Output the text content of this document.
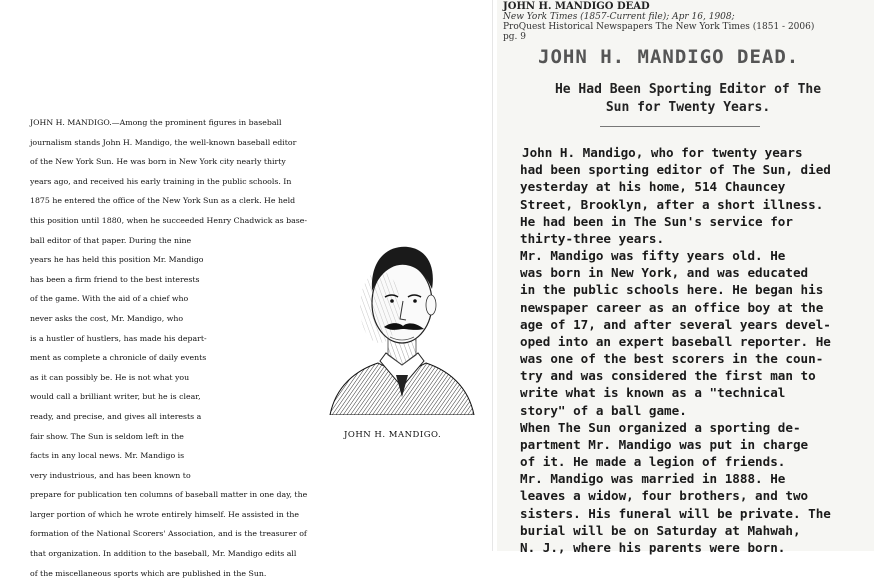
JOHN H. MANDIGO.—Among the prominent figures in baseball
journalism stands John H. Mandigo, the well-known baseball editor
of the New York Sun. He was born in New York city nearly thirty
years ago, and received his early training in the public schools. In
1875 he entered the office of the New York Sun as a clerk. He held
this position until 1880, when he succeeded Henry Chadwick as base-
ball editor of that paper. During the nine
years he has held this position Mr. Mandigo
has been a firm friend to the best interests
of the game. With the aid of a chief who
never asks the cost, Mr. Mandigo, who
is a hustler of hustlers, has made his depart-
ment as complete a chronicle of daily events
as it can possibly be. He is not what you
would call a brilliant writer, but he is clear,
ready, and precise, and gives all interests a
fair show. The Sun is seldom left in the
facts in any local news. Mr. Mandigo is
very industrious, and has been known to
prepare for publication ten columns of baseball matter in one day, the
larger portion of which he wrote entirely himself. He assisted in the
formation of the National Scorers' Association, and is the treasurer of
that organization. In addition to the baseball, Mr. Mandigo edits all
of the miscellaneous sports which are published in the Sun.
JOHN H. MANDIGO.
JOHN H. MANDIGO DEAD
New York Times (1857-Current file); Apr 16, 1908;
ProQuest Historical Newspapers The New York Times (1851 - 2006)
pg. 9
JOHN H. MANDIGO DEAD.
He Had Been Sporting Editor of The
Sun for Twenty Years.
John H. Mandigo, who for twenty years
had been sporting editor of The Sun, died
yesterday at his home, 514 Chauncey
Street, Brooklyn, after a short illness.
He had been in The Sun's service for
thirty-three years.
Mr. Mandigo was fifty years old. He
was born in New York, and was educated
in the public schools here. He began his
newspaper career as an office boy at the
age of 17, and after several years devel-
oped into an expert baseball reporter. He
was one of the best scorers in the coun-
try and was considered the first man to
write what is known as a "technical
story" of a ball game.
When The Sun organized a sporting de-
partment Mr. Mandigo was put in charge
of it. He made a legion of friends.
Mr. Mandigo was married in 1888. He
leaves a widow, four brothers, and two
sisters. His funeral will be private. The
burial will be on Saturday at Mahwah,
N. J., where his parents were born.
